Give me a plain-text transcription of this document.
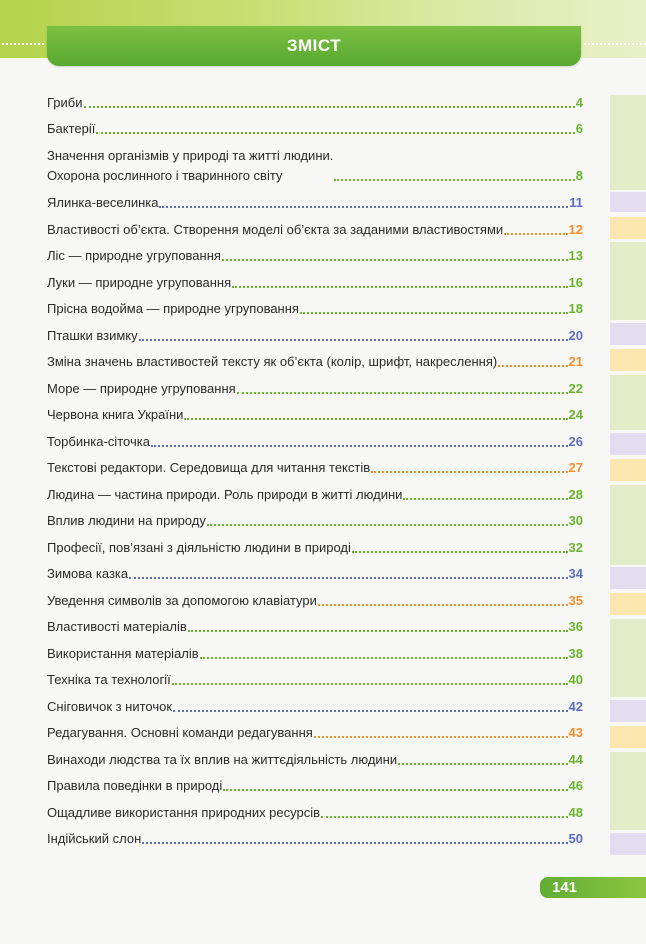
ЗМІСТ
Гриби	4
Бактерії	6
Значення організмів у природі та житті людини.
Охорона рослинного і тваринного світу	8
Ялинка-веселинка	11
Властивості об’єкта. Створення моделі об’єкта за заданими властивостями	12
Ліс — природне угруповання	13
Луки — природне угруповання	16
Прісна водойма — природне угруповання	18
Пташки взимку	20
Зміна значень властивостей тексту як об’єкта (колір, шрифт, накреслення)	21
Море — природне угруповання	22
Червона книга України	24
Торбинка-сіточка	26
Текстові редактори. Середовища для читання текстів	27
Людина — частина природи. Роль природи в житті людини	28
Вплив людини на природу	30
Професії, пов’язані з діяльністю людини в природі	32
Зимова казка	34
Уведення символів за допомогою клавіатури	35
Властивості матеріалів	36
Використання матеріалів	38
Техніка та технології	40
Сніговичок з ниточок	42
Редагування. Основні команди редагування	43
Винаходи людства та їх вплив на життєдіяльність людини	44
Правила поведінки в природі	46
Ощадливе використання природних ресурсів	48
Індійський слон	50
141
